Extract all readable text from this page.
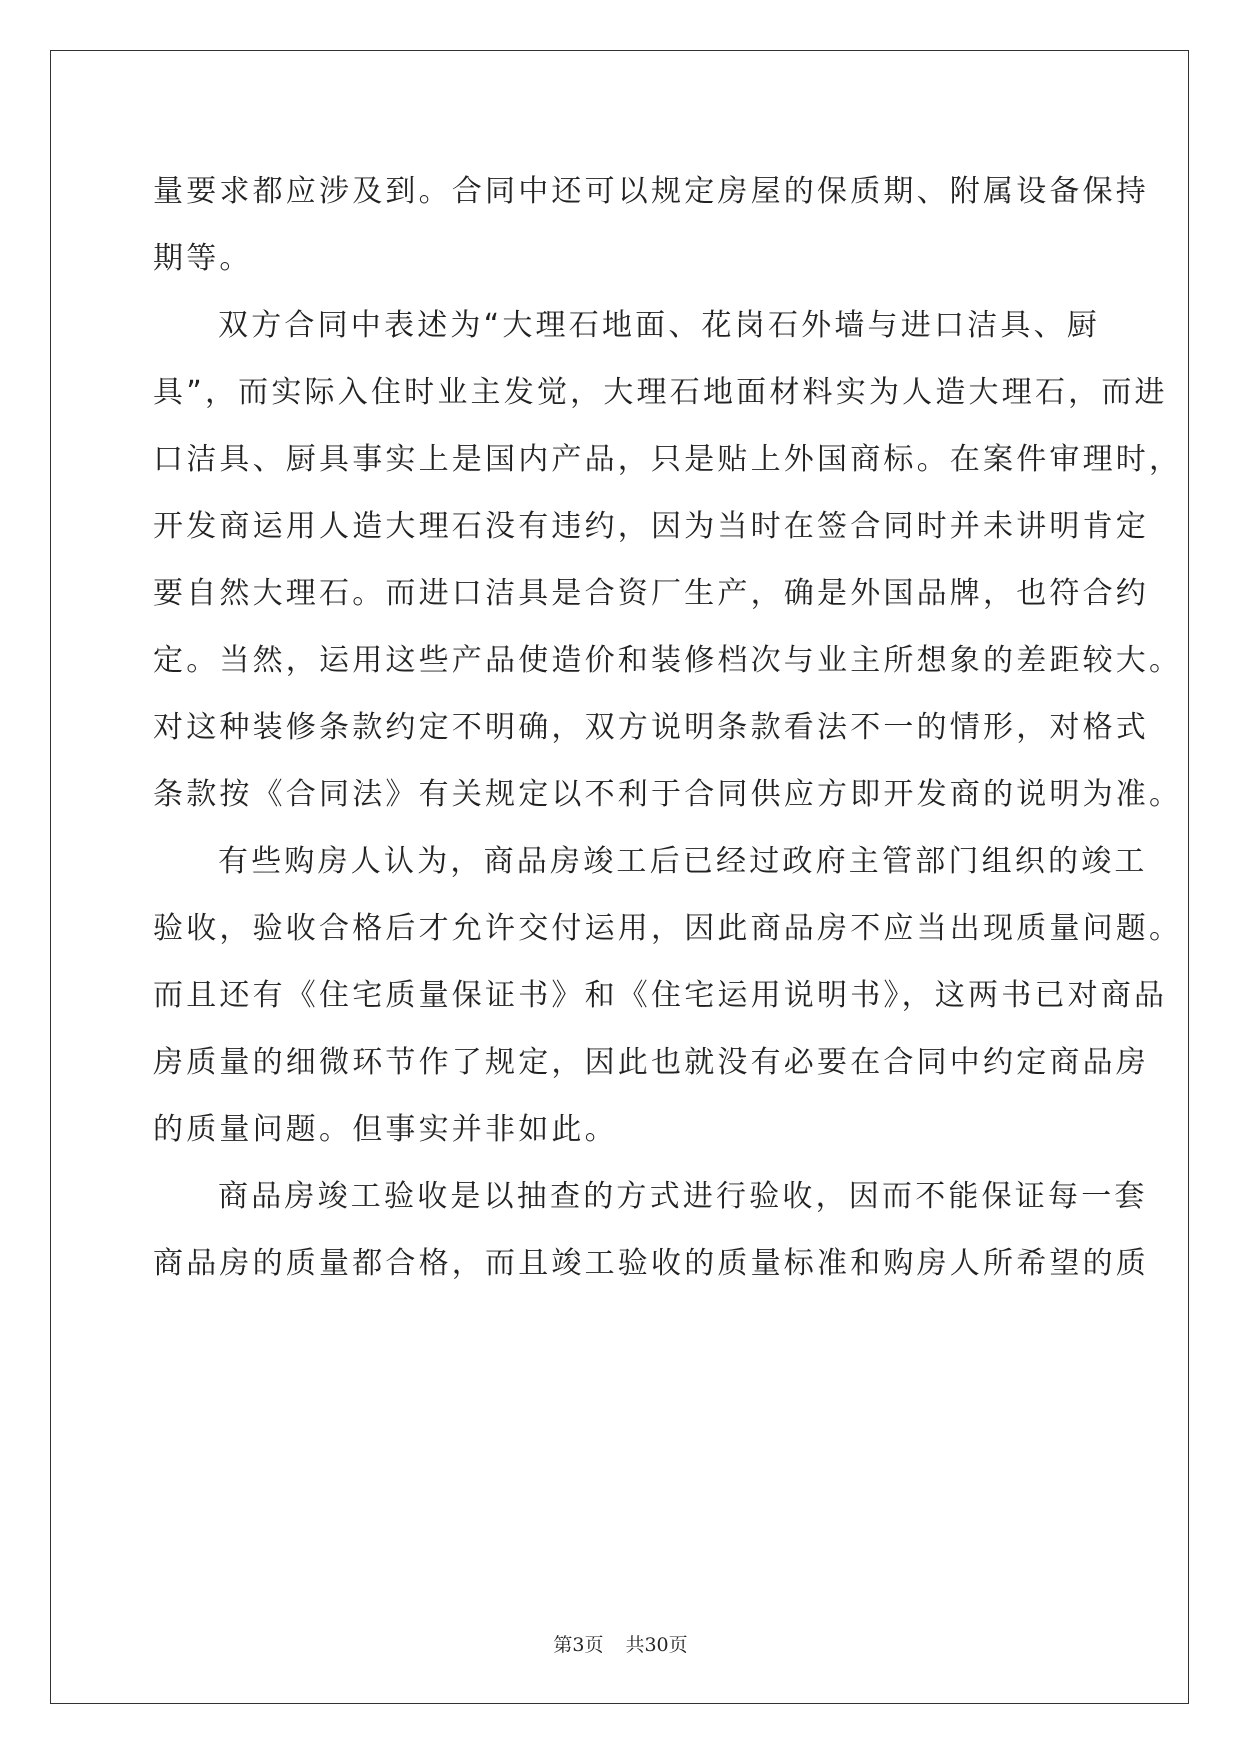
量要求都应涉及到。合同中还可以规定房屋的保质期、附属设备保持
期等。
双方合同中表述为“大理石地面、花岗石外墙与进口洁具、厨
具”，而实际入住时业主发觉，大理石地面材料实为人造大理石，而进
口洁具、厨具事实上是国内产品，只是贴上外国商标。在案件审理时，
开发商运用人造大理石没有违约，因为当时在签合同时并未讲明肯定
要自然大理石。而进口洁具是合资厂生产，确是外国品牌，也符合约
定。当然，运用这些产品使造价和装修档次与业主所想象的差距较大。
对这种装修条款约定不明确，双方说明条款看法不一的情形，对格式
条款按《合同法》有关规定以不利于合同供应方即开发商的说明为准。
有些购房人认为，商品房竣工后已经过政府主管部门组织的竣工
验收，验收合格后才允许交付运用，因此商品房不应当出现质量问题。
而且还有《住宅质量保证书》和《住宅运用说明书》，这两书已对商品
房质量的细微环节作了规定，因此也就没有必要在合同中约定商品房
的质量问题。但事实并非如此。
商品房竣工验收是以抽查的方式进行验收，因而不能保证每一套
商品房的质量都合格，而且竣工验收的质量标准和购房人所希望的质
第3页 共30页
